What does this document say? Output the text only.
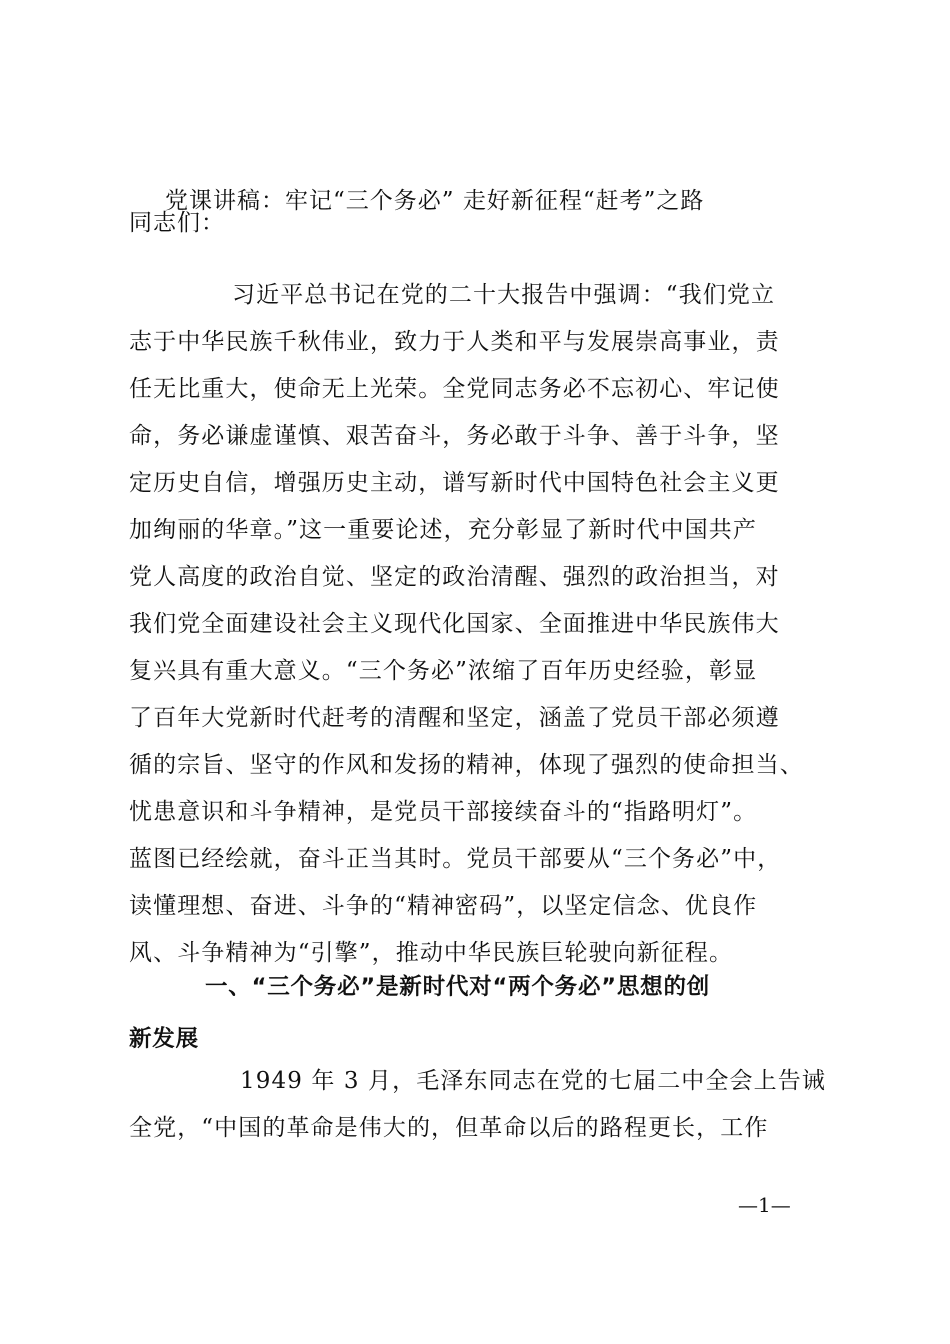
党课讲稿：牢记“三个务必” 走好新征程“赶考”之路
同志们：
习近平总书记在党的二十大报告中强调：“我们党立
志于中华民族千秋伟业，致力于人类和平与发展崇高事业，责
任无比重大，使命无上光荣。全党同志务必不忘初心、牢记使
命，务必谦虚谨慎、艰苦奋斗，务必敢于斗争、善于斗争，坚
定历史自信，增强历史主动，谱写新时代中国特色社会主义更
加绚丽的华章。”这一重要论述，充分彰显了新时代中国共产
党人高度的政治自觉、坚定的政治清醒、强烈的政治担当，对
我们党全面建设社会主义现代化国家、全面推进中华民族伟大
复兴具有重大意义。“三个务必”浓缩了百年历史经验，彰显
了百年大党新时代赶考的清醒和坚定，涵盖了党员干部必须遵
循的宗旨、坚守的作风和发扬的精神，体现了强烈的使命担当、
忧患意识和斗争精神，是党员干部接续奋斗的“指路明灯”。
蓝图已经绘就，奋斗正当其时。党员干部要从“三个务必”中，
读懂理想、奋进、斗争的“精神密码”，以坚定信念、优良作
风、斗争精神为“引擎”，推动中华民族巨轮驶向新征程。
一、“三个务必”是新时代对“两个务必”思想的创
新发展
1949 年 3 月，毛泽东同志在党的七届二中全会上告诫
全党，“中国的革命是伟大的，但革命以后的路程更长，工作
—1—
